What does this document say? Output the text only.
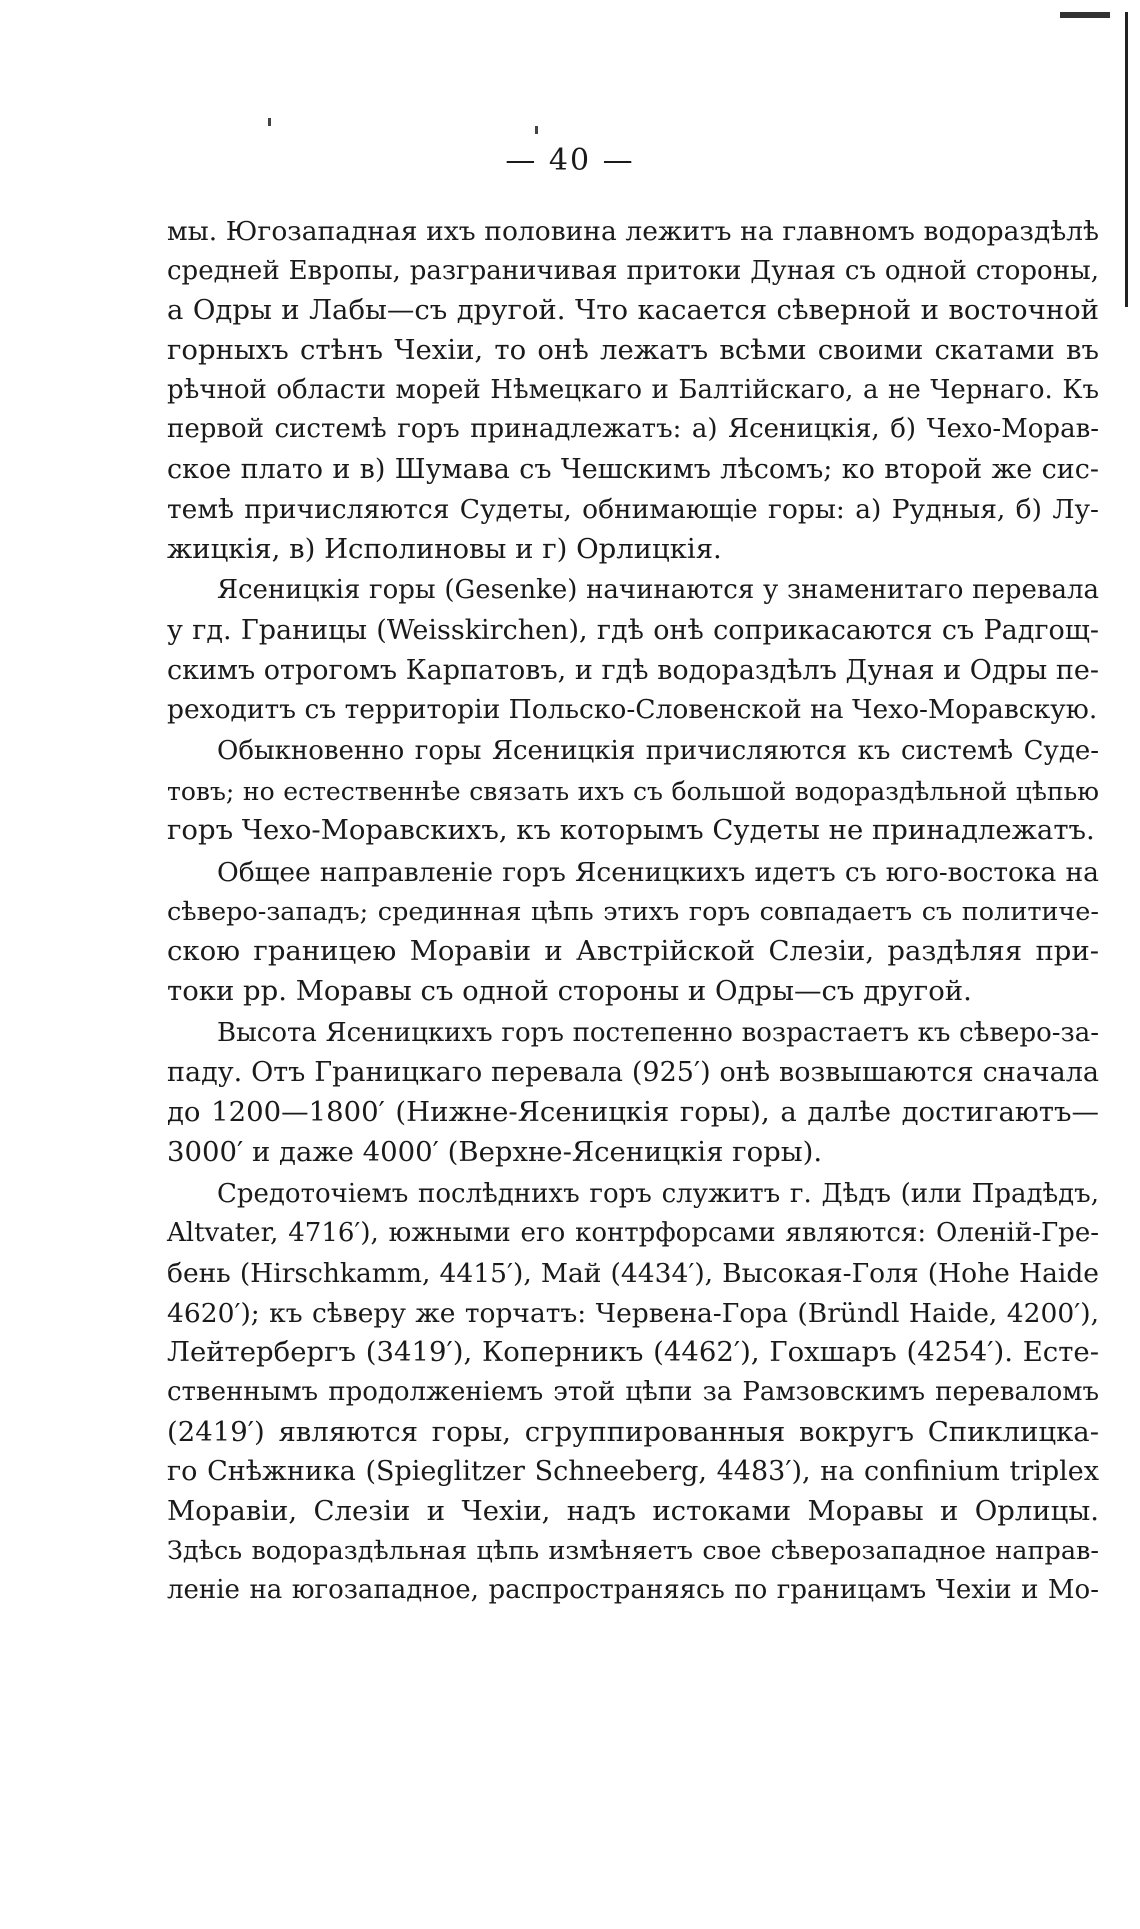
— 40 —
мы. Югозападная ихъ половина лежитъ на главномъ водораздѣлѣ
средней Европы, разграничивая притоки Дуная съ одной стороны,
а Одры и Лабы—съ другой. Что касается сѣверной и восточной
горныхъ стѣнъ Чехіи, то онѣ лежатъ всѣми своими скатами въ
рѣчной области морей Нѣмецкаго и Балтійскаго, а не Чернаго. Къ
первой системѣ горъ принадлежатъ: а) Ясеницкія, б) Чехо-Морав-
ское плато и в) Шумава съ Чешскимъ лѣсомъ; ко второй же сис-
темѣ причисляются Судеты, обнимающіе горы: а) Рудныя, б) Лу-
жицкія, в) Исполиновы и г) Орлицкія.
Ясеницкія горы (Gesenke) начинаются у знаменитаго перевала
у гд. Границы (Weisskirchen), гдѣ онѣ соприкасаются съ Радгощ-
скимъ отрогомъ Карпатовъ, и гдѣ водораздѣлъ Дуная и Одры пе-
реходитъ съ территоріи Польско-Словенской на Чехо-Моравскую.
Обыкновенно горы Ясеницкія причисляются къ системѣ Судe-
товъ; но естественнѣе связать ихъ съ большой водораздѣльной цѣпью
горъ Чехо-Моравскихъ, къ которымъ Судеты не принадлежатъ.
Общее направленіе горъ Ясеницкихъ идетъ съ юго-востока на
сѣверо-западъ; срединная цѣпь этихъ горъ совпадаетъ съ политиче-
скою границею Моравіи и Австрійской Слезіи, раздѣляя при-
токи рр. Моравы съ одной стороны и Одры—съ другой.
Высота Ясеницкихъ горъ постепенно возрастаетъ къ сѣверо-за-
паду. Отъ Границкаго перевала (925′) онѣ возвышаются сначала
до 1200—1800′ (Нижне-Ясеницкія горы), а далѣе достигаютъ—
3000′ и даже 4000′ (Верхне-Ясеницкія горы).
Средоточіемъ послѣднихъ горъ служитъ г. Дѣдъ (или Прадѣдъ,
Altvater, 4716′), южными его контрфорсами являются: Оленій-Гре-
бень (Hirschkamm, 4415′), Май (4434′), Высокая-Голя (Hohe Haide
4620′); къ сѣверу же торчатъ: Червена-Гора (Bründl Haide, 4200′),
Лейтербергъ (3419′), Коперникъ (4462′), Гохшаръ (4254′). Есте-
ственнымъ продолженіемъ этой цѣпи за Рамзовскимъ переваломъ
(2419′) являются горы, сгруппированныя вокругъ Спиклицка-
го Снѣжника (Spieglitzer Schneeberg, 4483′), на confinium triplex
Моравіи, Слезіи и Чехіи, надъ истоками Моравы и Орлицы.
Здѣсь водораздѣльная цѣпь измѣняетъ свое сѣверозападное направ-
леніе на югозападное, распространяясь по границамъ Чехіи и Мо-
